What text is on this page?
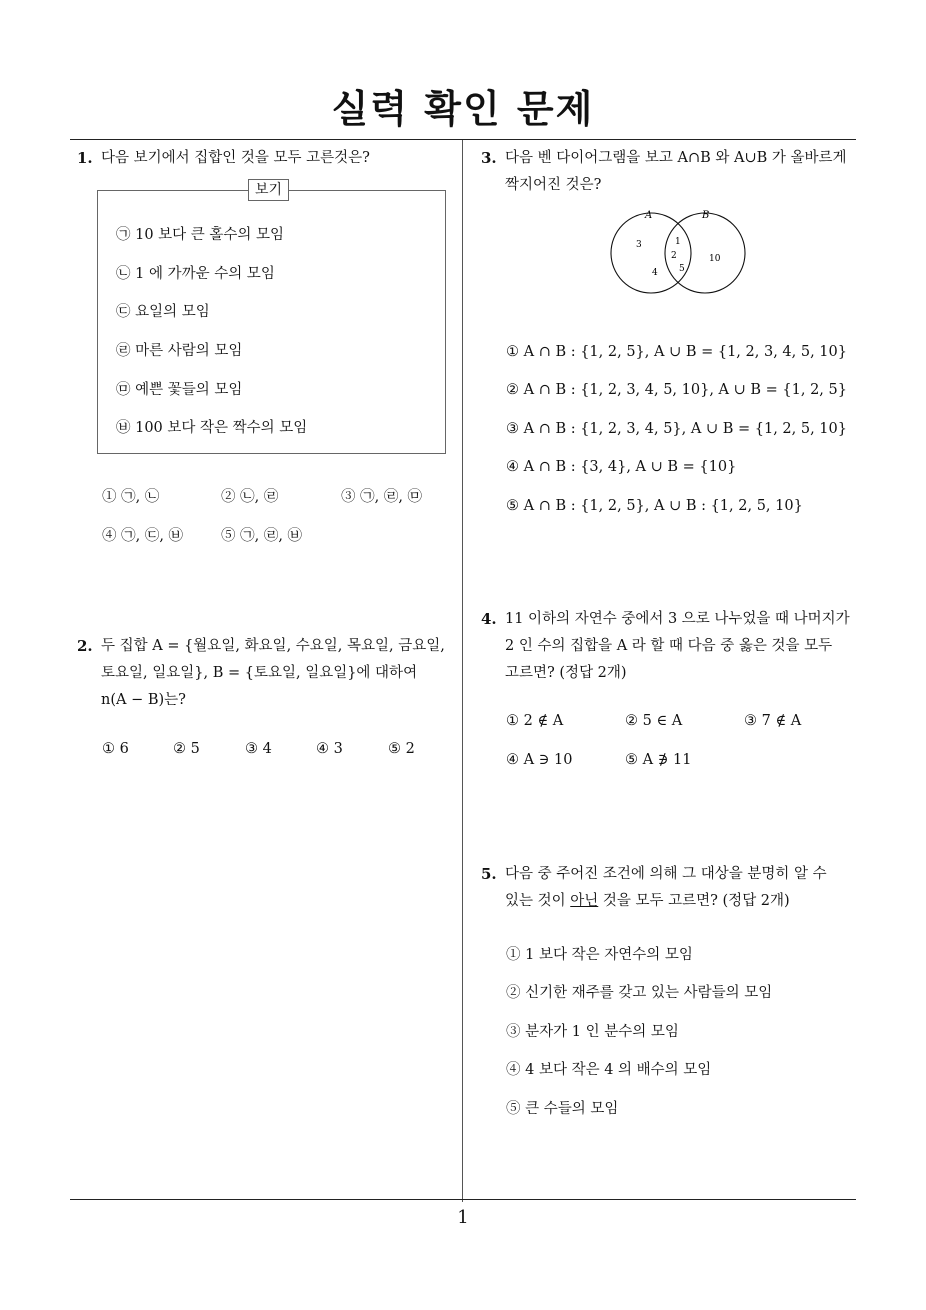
실력 확인 문제
1
1. 다음 보기에서 집합인 것을 모두 고른것은?
보기
㉠ 10 보다 큰 홀수의 모임
㉡ 1 에 가까운 수의 모임
㉢ 요일의 모임
㉣ 마른 사람의 모임
㉤ 예쁜 꽃들의 모임
㉥ 100 보다 작은 짝수의 모임
① ㉠, ㉡	② ㉡, ㉣	③ ㉠, ㉣, ㉤
④ ㉠, ㉢, ㉥	⑤ ㉠, ㉣, ㉥
2. 두 집합 A = {월요일, 화요일, 수요일, 목요일, 금요일,
토요일, 일요일}, B = {토요일, 일요일}에 대하여
n(A − B)는?
① 6	② 5	③ 4	④ 3	⑤ 2
3. 다음 벤 다이어그램을 보고 A∩B 와 A∪B 가 올바르게
짝지어진 것은?
A	B
3
4
1
2
5
10
① A ∩ B : {1, 2, 5}, A ∪ B = {1, 2, 3, 4, 5, 10}
② A ∩ B : {1, 2, 3, 4, 5, 10}, A ∪ B = {1, 2, 5}
③ A ∩ B : {1, 2, 3, 4, 5}, A ∪ B = {1, 2, 5, 10}
④ A ∩ B : {3, 4}, A ∪ B = {10}
⑤ A ∩ B : {1, 2, 5}, A ∪ B : {1, 2, 5, 10}
4. 11 이하의 자연수 중에서 3 으로 나누었을 때 나머지가
2 인 수의 집합을 A 라 할 때 다음 중 옳은 것을 모두
고르면? (정답 2개)
① 2 ∉ A	② 5 ∈ A	③ 7 ∉ A
④ A ∋ 10	⑤ A ∌ 11
5. 다음 중 주어진 조건에 의해 그 대상을 분명히 알 수
있는 것이 아닌 것을 모두 고르면? (정답 2개)
① 1 보다 작은 자연수의 모임
② 신기한 재주를 갖고 있는 사람들의 모임
③ 분자가 1 인 분수의 모임
④ 4 보다 작은 4 의 배수의 모임
⑤ 큰 수들의 모임
